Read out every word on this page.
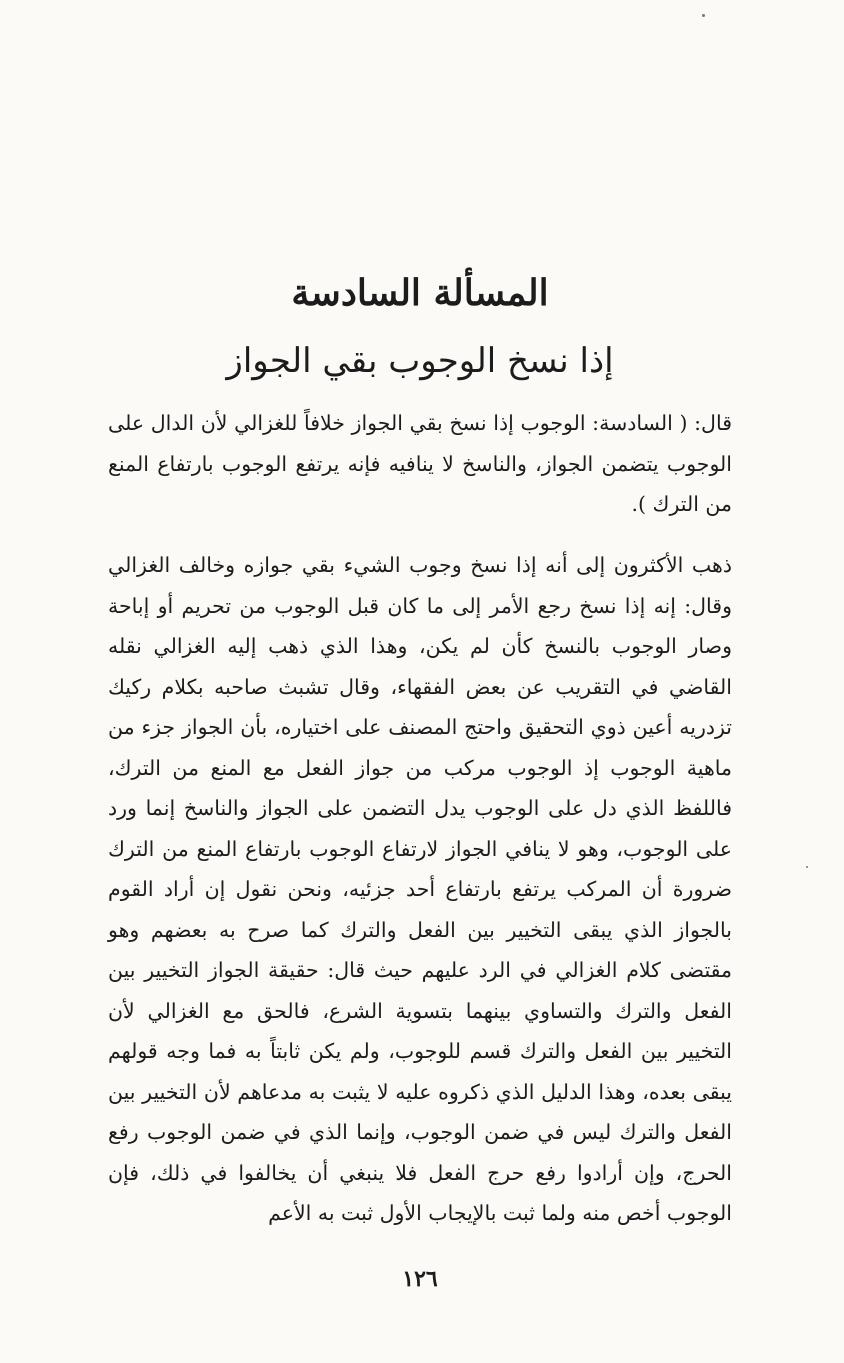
المسألة السادسة
إذا نسخ الوجوب بقي الجواز

قال: ( السادسة: الوجوب إذا نسخ بقي الجواز خلافاً للغزالي لأن الدال على الوجوب يتضمن الجواز، والناسخ لا ينافيه فإنه يرتفع الوجوب بارتفاع المنع من الترك ).

ذهب الأكثرون إلى أنه إذا نسخ وجوب الشيء بقي جوازه وخالف الغزالي وقال: إنه إذا نسخ رجع الأمر إلى ما كان قبل الوجوب من تحريم أو إباحة وصار الوجوب بالنسخ كأن لم يكن، وهذا الذي ذهب إليه الغزالي نقله القاضي في التقريب عن بعض الفقهاء، وقال تشبث صاحبه بكلام ركيك تزدريه أعين ذوي التحقيق واحتج المصنف على اختياره، بأن الجواز جزء من ماهية الوجوب إذ الوجوب مركب من جواز الفعل مع المنع من الترك، فاللفظ الذي دل على الوجوب يدل التضمن على الجواز والناسخ إنما ورد على الوجوب، وهو لا ينافي الجواز لارتفاع الوجوب بارتفاع المنع من الترك ضرورة أن المركب يرتفع بارتفاع أحد جزئيه، ونحن نقول إن أراد القوم بالجواز الذي يبقى التخيير بين الفعل والترك كما صرح به بعضهم وهو مقتضى كلام الغزالي في الرد عليهم حيث قال: حقيقة الجواز التخيير بين الفعل والترك والتساوي بينهما بتسوية الشرع، فالحق مع الغزالي لأن التخيير بين الفعل والترك قسم للوجوب، ولم يكن ثابتاً به فما وجه قولهم يبقى بعده، وهذا الدليل الذي ذكروه عليه لا يثبت به مدعاهم لأن التخيير بين الفعل والترك ليس في ضمن الوجوب، وإنما الذي في ضمن الوجوب رفع الحرج، وإن أرادوا رفع حرج الفعل فلا ينبغي أن يخالفوا في ذلك، فإن الوجوب أخص منه ولما ثبت بالإيجاب الأول ثبت به الأعم

١٢٦
